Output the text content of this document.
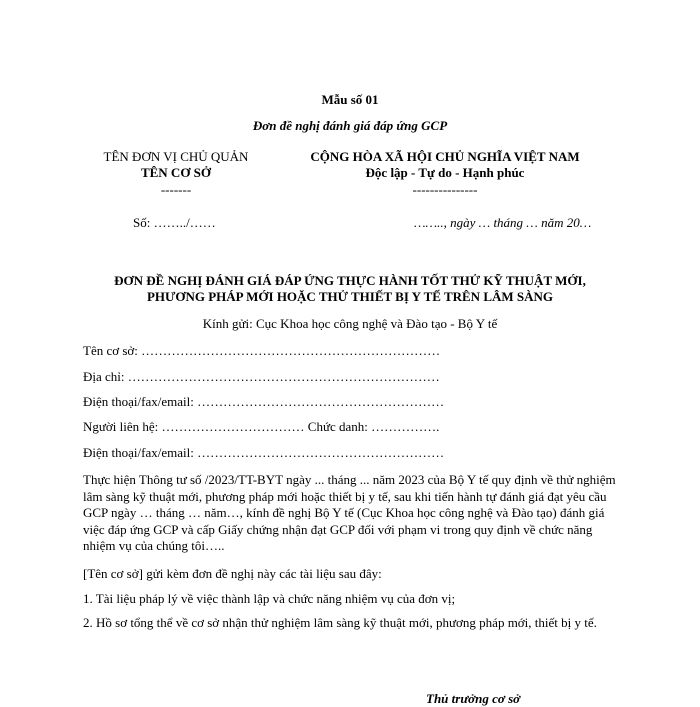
Mẫu số 01
Đơn đề nghị đánh giá đáp ứng GCP
TÊN ĐƠN VỊ CHỦ QUẢN
TÊN CƠ SỞ
-------
CỘNG HÒA XÃ HỘI CHỦ NGHĨA VIỆT NAM
Độc lập - Tự do - Hạnh phúc
---------------
Số: ……../……	…….., ngày … tháng … năm 20…
ĐƠN ĐỀ NGHỊ ĐÁNH GIÁ ĐÁP ỨNG THỰC HÀNH TỐT THỬ KỸ THUẬT MỚI,
PHƯƠNG PHÁP MỚI HOẶC THỬ THIẾT BỊ Y TẾ TRÊN LÂM SÀNG
Kính gửi: Cục Khoa học công nghệ và Đào tạo - Bộ Y tế
Tên cơ sở: ……………………………………………………………
Địa chỉ: ………………………………………………………………
Điện thoại/fax/email: …………………………………………………
Người liên hệ: …………………………… Chức danh: …………….
Điện thoại/fax/email: …………………………………………………
Thực hiện Thông tư số /2023/TT-BYT ngày ... tháng ... năm 2023 của Bộ Y tế quy định về thử nghiệm lâm sàng kỹ thuật mới, phương pháp mới hoặc thiết bị y tế, sau khi tiến hành tự đánh giá đạt yêu cầu GCP ngày … tháng … năm…, kính đề nghị Bộ Y tế (Cục Khoa học công nghệ và Đào tạo) đánh giá việc đáp ứng GCP và cấp Giấy chứng nhận đạt GCP đối với phạm vi trong quy định về chức năng nhiệm vụ của chúng tôi…..
[Tên cơ sở] gửi kèm đơn đề nghị này các tài liệu sau đây:
1. Tài liệu pháp lý về việc thành lập và chức năng nhiệm vụ của đơn vị;
2. Hồ sơ tổng thể về cơ sở nhận thử nghiệm lâm sàng kỹ thuật mới, phương pháp mới, thiết bị y tế.
Thủ trưởng cơ sở
